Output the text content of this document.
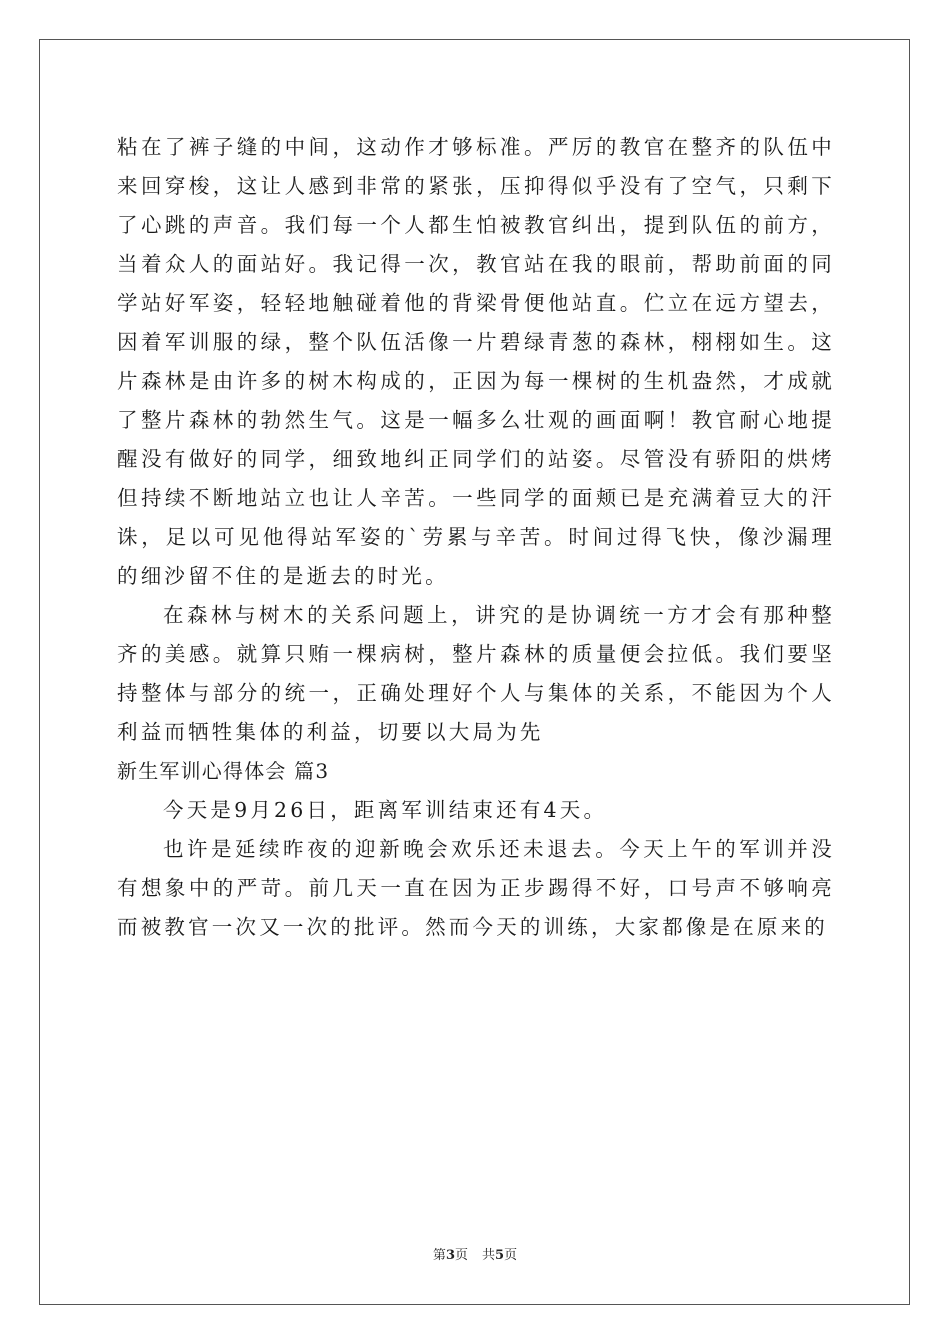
粘在了裤子缝的中间，这动作才够标准。严厉的教官在整齐的队伍中来回穿梭，这让人感到非常的紧张，压抑得似乎没有了空气，只剩下了心跳的声音。我们每一个人都生怕被教官纠出，提到队伍的前方，当着众人的面站好。我记得一次，教官站在我的眼前，帮助前面的同学站好军姿，轻轻地触碰着他的背梁骨便他站直。伫立在远方望去，因着军训服的绿，整个队伍活像一片碧绿青葱的森林，栩栩如生。这片森林是由许多的树木构成的，正因为每一棵树的生机盎然，才成就了整片森林的勃然生气。这是一幅多么壮观的画面啊！教官耐心地提醒没有做好的同学，细致地纠正同学们的站姿。尽管没有骄阳的烘烤但持续不断地站立也让人辛苦。一些同学的面颊已是充满着豆大的汗诛，足以可见他得站军姿的`劳累与辛苦。时间过得飞快，像沙漏理的细沙留不住的是逝去的时光。

在森林与树木的关系问题上，讲究的是协调统一方才会有那种整齐的美感。就算只贿一棵病树，整片森林的质量便会拉低。我们要坚持整体与部分的统一，正确处理好个人与集体的关系，不能因为个人利益而牺牲集体的利益，切要以大局为先

新生军训心得体会 篇3

今天是9月26日，距离军训结束还有4天。

也许是延续昨夜的迎新晚会欢乐还未退去。今天上午的军训并没有想象中的严苛。前几天一直在因为正步踢得不好，口号声不够响亮而被教官一次又一次的批评。然而今天的训练，大家都像是在原来的

第3页 共5页
